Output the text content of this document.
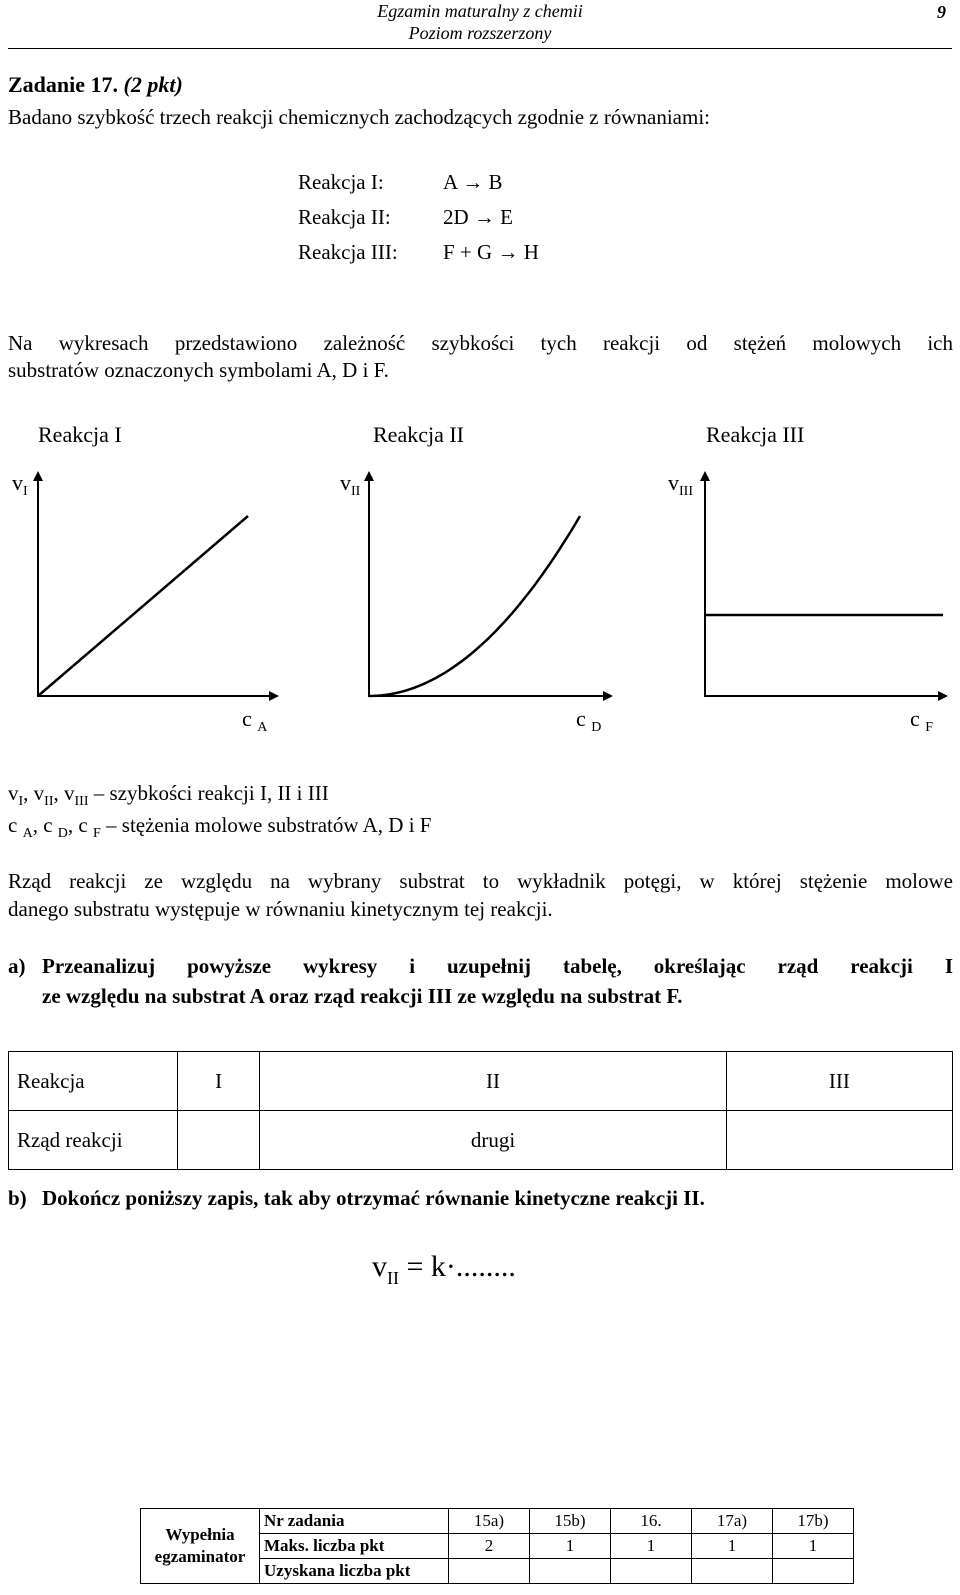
Egzamin maturalny z chemii
Poziom rozszerzony
9
Zadanie 17. (2 pkt)
Badano szybkość trzech reakcji chemicznych zachodzących zgodnie z równaniami:
Reakcja I:	A → B
Reakcja II: 2D → E
Reakcja III: F + G → H
Na wykresach przedstawiono zależność szybkości tych reakcji od stężeń molowych ich
substratów oznaczonych symbolami A, D i F.
Reakcja I	Reakcja II	Reakcja III
$v_I$	$v_{II}$	$v_{III}$
c $_A$	c $_D$	c $_F$
$v_I$, $v_{II}$, $v_{III}$ – szybkości reakcji I, II i III
c $_A$, c $_D$, c $_F$ – stężenia molowe substratów A, D i F
Rząd reakcji ze względu na wybrany substrat to wykładnik potęgi, w której stężenie molowe
danego substratu występuje w równaniu kinetycznym tej reakcji.
a) Przeanalizuj powyższe wykresy i uzupełnij tabelę, określając rząd reakcji I
ze względu na substrat A oraz rząd reakcji III ze względu na substrat F.
Reakcja	I	II	III
Rząd reakcji		drugi	
b) Dokończ poniższy zapis, tak aby otrzymać równanie kinetyczne reakcji II.
$v_{II} = k\cdot$........
Wypełnia
egzaminator	Nr zadania	15a)	15b)	16.	17a)	17b)
	Maks. liczba pkt	2	1	1	1	1
	Uzyskana liczba pkt					
